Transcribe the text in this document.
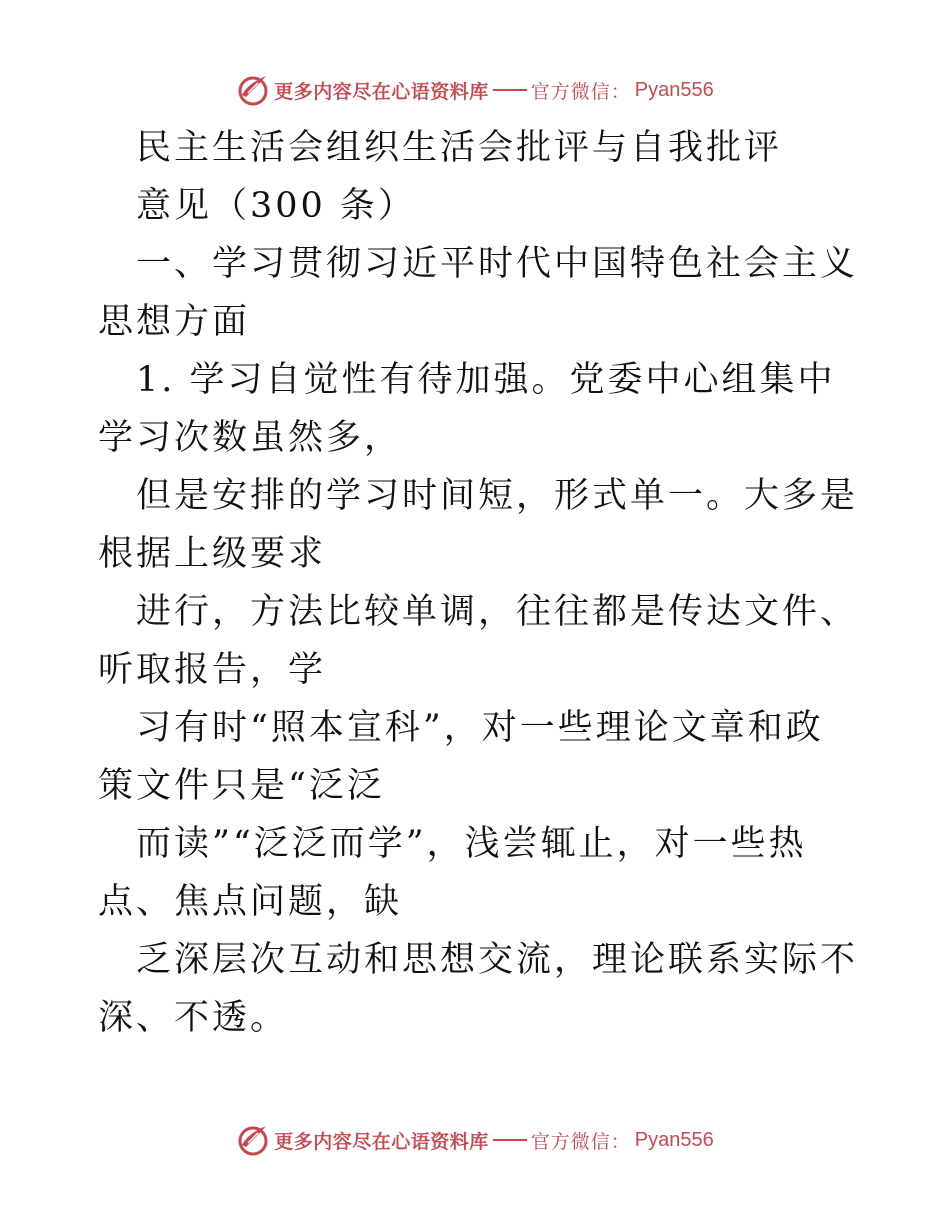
更多内容尽在心语资料库 官方微信： Pyan556

民主生活会组织生活会批评与自我批评

意见（300 条）

一、学习贯彻习近平时代中国特色社会主义思想方面

1. 学习自觉性有待加强。党委中心组集中学习次数虽然多，

但是安排的学习时间短，形式单一。大多是根据上级要求

进行，方法比较单调，往往都是传达文件、听取报告，学

习有时“照本宣科”，对一些理论文章和政策文件只是“泛泛

而读”“泛泛而学”，浅尝辄止，对一些热点、焦点问题，缺

乏深层次互动和思想交流，理论联系实际不深、不透。

更多内容尽在心语资料库 官方微信： Pyan556
